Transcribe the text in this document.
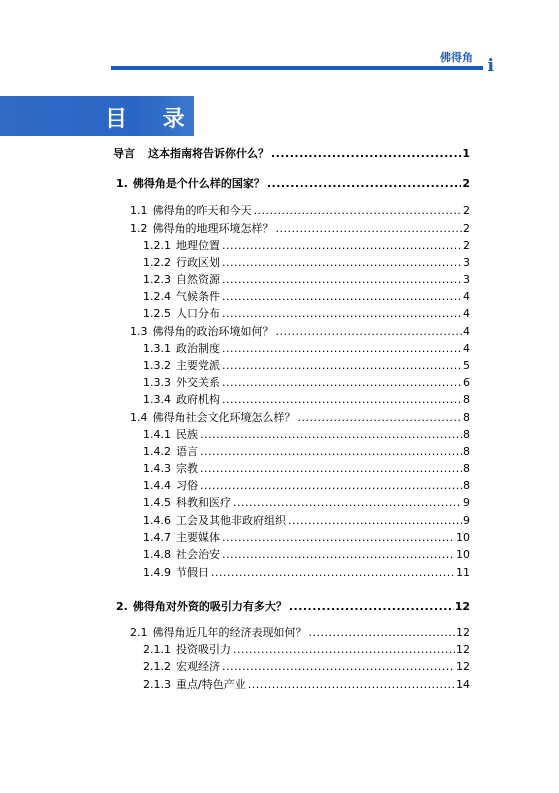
佛得角 i
目 录
导言 这本指南将告诉你什么？ .....	1
1. 佛得角是个什么样的国家？ .....	2
1.1 佛得角的昨天和今天 .....	2
1.2 佛得角的地理环境怎样？ .....	2
1.2.1 地理位置 .....	2
1.2.2 行政区划 .....	3
1.2.3 自然资源 .....	3
1.2.4 气候条件 .....	4
1.2.5 人口分布 .....	4
1.3 佛得角的政治环境如何？ .....	4
1.3.1 政治制度 .....	4
1.3.2 主要党派 .....	5
1.3.3 外交关系 .....	6
1.3.4 政府机构 .....	8
1.4 佛得角社会文化环境怎么样？ .....	8
1.4.1 民族 .....	8
1.4.2 语言 .....	8
1.4.3 宗教 .....	8
1.4.4 习俗 .....	8
1.4.5 科教和医疗 .....	9
1.4.6 工会及其他非政府组织 .....	9
1.4.7 主要媒体 .....	10
1.4.8 社会治安 .....	10
1.4.9 节假日 .....	11
2. 佛得角对外资的吸引力有多大？ .....	12
2.1 佛得角近几年的经济表现如何？ .....	12
2.1.1 投资吸引力 .....	12
2.1.2 宏观经济 .....	12
2.1.3 重点/特色产业 .....	14
